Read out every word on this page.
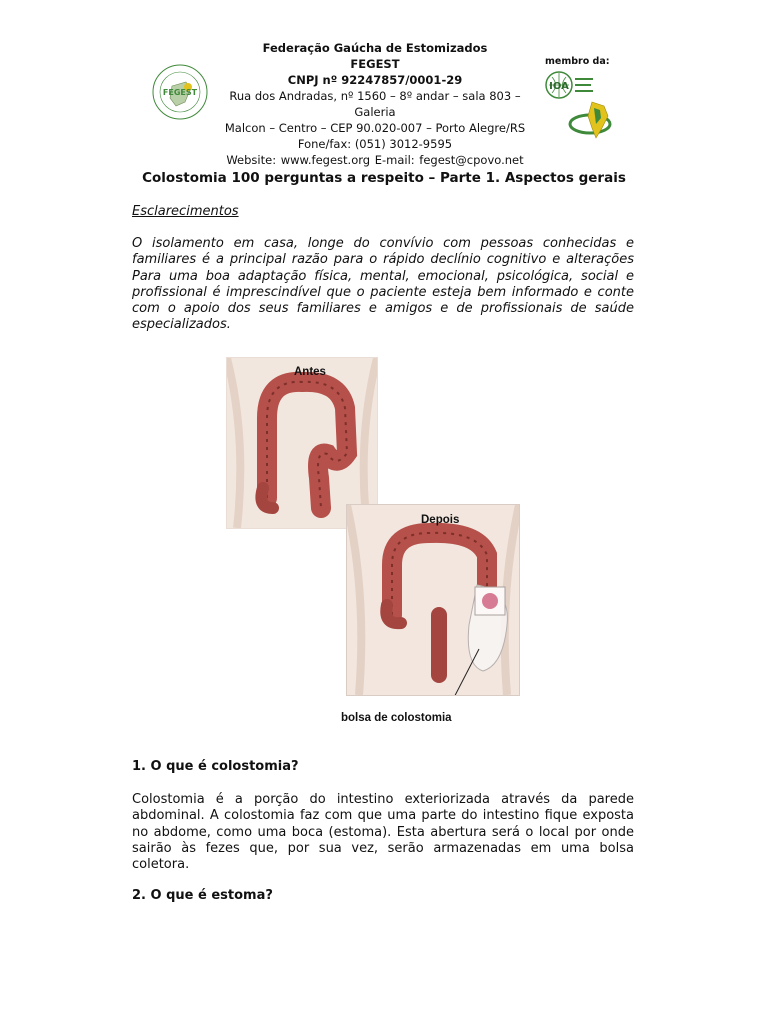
FEGEST
Federação Gaúcha de Estomizados
FEGEST
CNPJ nº 92247857/0001-29
Rua dos Andradas, nº 1560 – 8º andar – sala 803 – Galeria
Malcon – Centro – CEP 90.020-007 – Porto Alegre/RS
Fone/fax: (051) 3012-9595
Website: www.fegest.org E-mail: fegest@cpovo.net
membro da:
IOA
Colostomia 100 perguntas a respeito – Parte 1. Aspectos gerais
Esclarecimentos
O isolamento em casa, longe do convívio com pessoas conhecidas e familiares é a principal razão para o rápido declínio cognitivo e alterações Para uma boa adaptação física, mental, emocional, psicológica, social e profissional é imprescindível que o paciente esteja bem informado e conte com o apoio dos seus familiares e amigos e de profissionais de saúde especializados.
Antes
Depois
bolsa de colostomia
1. O que é colostomia?
Colostomia é a porção do intestino exteriorizada através da parede abdominal. A colostomia faz com que uma parte do intestino fique exposta no abdome, como uma boca (estoma). Esta abertura será o local por onde sairão às fezes que, por sua vez, serão armazenadas em uma bolsa coletora.
2. O que é estoma?
